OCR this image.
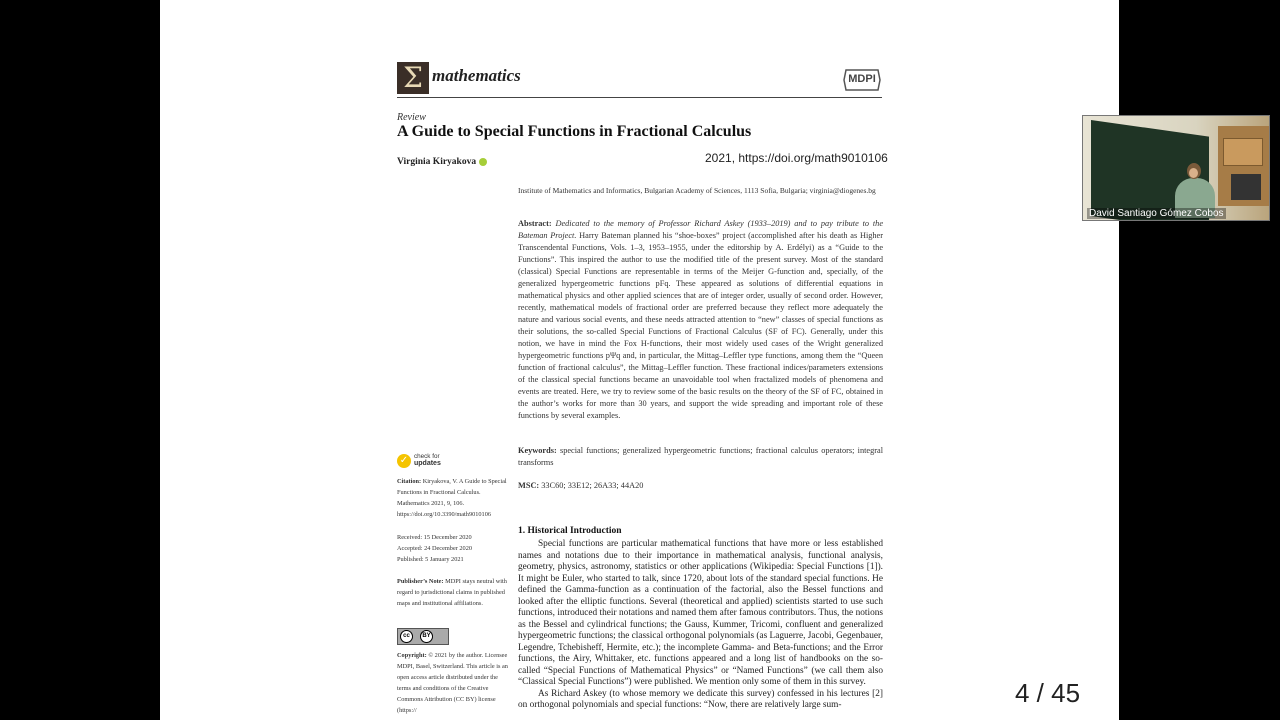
Σ mathematics	MDPI
Review
A Guide to Special Functions in Fractional Calculus
Virginia Kiryakova	2021, https://doi.org/math9010106
Institute of Mathematics and Informatics, Bulgarian Academy of Sciences, 1113 Sofia, Bulgaria; virginia@diogenes.bg
Abstract: Dedicated to the memory of Professor Richard Askey (1933–2019) and to pay tribute to the Bateman Project. Harry Bateman planned his “shoe-boxes” project (accomplished after his death as Higher Transcendental Functions, Vols. 1–3, 1953–1955, under the editorship by A. Erdélyi) as a “Guide to the Functions”. This inspired the author to use the modified title of the present survey. Most of the standard (classical) Special Functions are representable in terms of the Meijer G-function and, specially, of the generalized hypergeometric functions pFq. These appeared as solutions of differential equations in mathematical physics and other applied sciences that are of integer order, usually of second order. However, recently, mathematical models of fractional order are preferred because they reflect more adequately the nature and various social events, and these needs attracted attention to “new” classes of special functions as their solutions, the so-called Special Functions of Fractional Calculus (SF of FC). Generally, under this notion, we have in mind the Fox H-functions, their most widely used cases of the Wright generalized hypergeometric functions pΨq and, in particular, the Mittag–Leffler type functions, among them the “Queen function of fractional calculus”, the Mittag–Leffler function. These fractional indices/parameters extensions of the classical special functions became an unavoidable tool when fractalized models of phenomena and events are treated. Here, we try to review some of the basic results on the theory of the SF of FC, obtained in the author’s works for more than 30 years, and support the wide spreading and important role of these functions by several examples.
Keywords: special functions; generalized hypergeometric functions; fractional calculus operators; integral transforms
MSC: 33C60; 33E12; 26A33; 44A20
1. Historical Introduction
Special functions are particular mathematical functions that have more or less established names and notations due to their importance in mathematical analysis, functional analysis, geometry, physics, astronomy, statistics or other applications (Wikipedia: Special Functions [1]). It might be Euler, who started to talk, since 1720, about lots of the standard special functions. He defined the Gamma-function as a continuation of the factorial, also the Bessel functions and looked after the elliptic functions. Several (theoretical and applied) scientists started to use such functions, introduced their notations and named them after famous contributors. Thus, the notions as the Bessel and cylindrical functions; the Gauss, Kummer, Tricomi, confluent and generalized hypergeometric functions; the classical orthogonal polynomials (as Laguerre, Jacobi, Gegenbauer, Legendre, Tchebisheff, Hermite, etc.); the incomplete Gamma- and Beta-functions; and the Error functions, the Airy, Whittaker, etc. functions appeared and a long list of handbooks on the so-called “Special Functions of Mathematical Physics” or “Named Functions” (we call them also “Classical Special Functions”) were published. We mention only some of them in this survey.
As Richard Askey (to whose memory we dedicate this survey) confessed in his lectures [2] on orthogonal polynomials and special functions: “Now, there are relatively large sum-
✓ check for
updates
Citation: Kiryakova, V. A Guide to Special Functions in Fractional Calculus. Mathematics 2021, 9, 106. https://doi.org/10.3390/math9010106
Received: 15 December 2020
Accepted: 24 December 2020
Published: 5 January 2021
Publisher’s Note: MDPI stays neutral with regard to jurisdictional claims in published maps and institutional affiliations.
cc	BY
Copyright: © 2021 by the author. Licensee MDPI, Basel, Switzerland. This article is an open access article distributed under the terms and conditions of the Creative Commons Attribution (CC BY) license (https://
4 / 45
David Santiago Gómez Cobos
